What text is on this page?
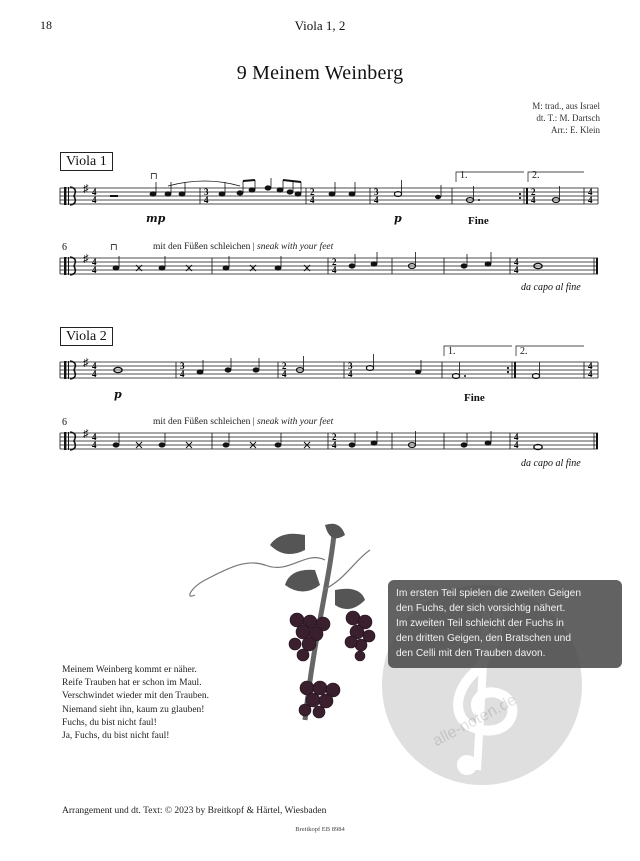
18	Viola 1, 2
9 Meinem Weinberg
M: trad., aus Israel
dt. T.: M. Dartsch
Arr.: E. Klein
Viola 1
♯ 4
4
⊓
3
4
2
4
3
4
2
4
4
4
mp	p	Fine
1.	2.
6	mit den Füßen schleichen | sneak with your feet
♯ 4
4
⊓
2
4
4
4
da capo al fine
Viola 2
♯ 4
4
3
4
2
4
3
4
4
4
p	Fine
1.	2.
6	mit den Füßen schleichen | sneak with your feet
♯ 4
4
2
4
4
4
da capo al fine
alle-noten.de
Im ersten Teil spielen die zweiten Geigen
den Fuchs, der sich vorsichtig nähert.
Im zweiten Teil schleicht der Fuchs in
den dritten Geigen, den Bratschen und
den Celli mit den Trauben davon.
Meinem Weinberg kommt er näher.
Reife Trauben hat er schon im Maul.
Verschwindet wieder mit den Trauben.
Niemand sieht ihn, kaum zu glauben!
Fuchs, du bist nicht faul!
Ja, Fuchs, du bist nicht faul!
Arrangement und dt. Text: © 2023 by Breitkopf & Härtel, Wiesbaden
Breitkopf EB 8984
